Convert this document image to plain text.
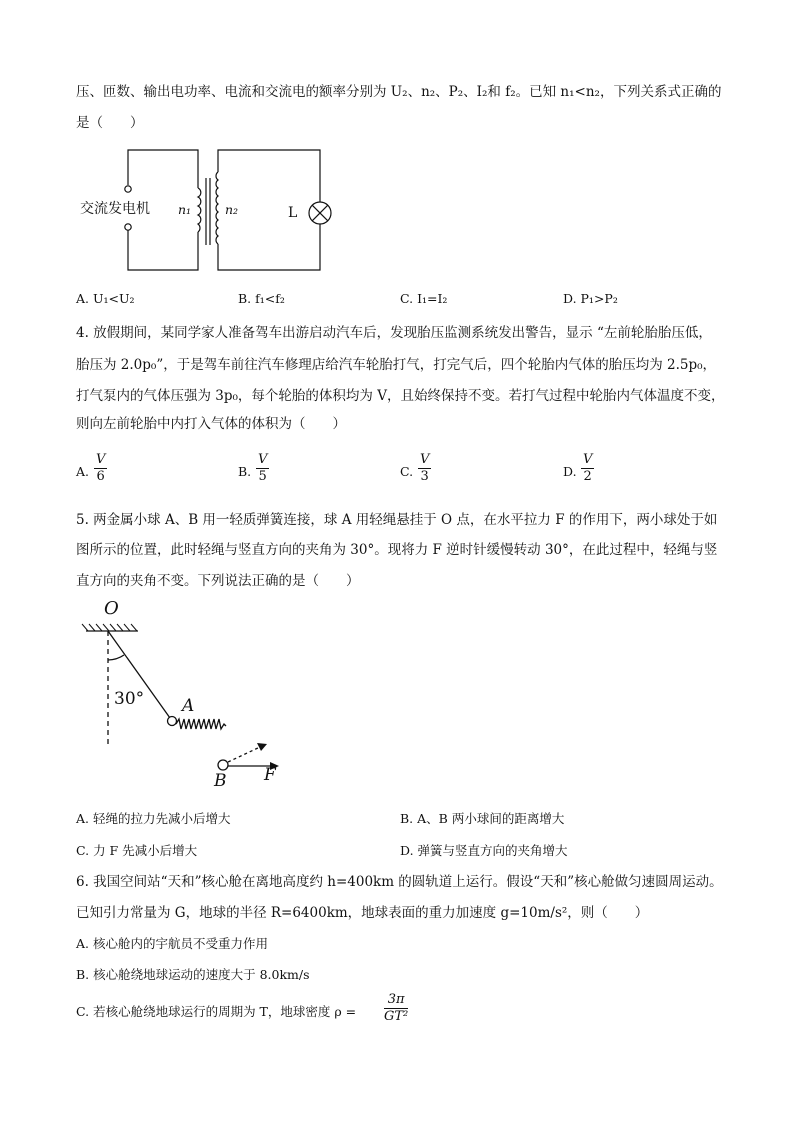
压、匝数、输出电功率、电流和交流电的额率分别为 U₂、n₂、P₂、I₂和 f₂。已知 n₁<n₂，下列关系式正确的
是（　　）
交流发电机 n₁	n₂	L
A. U₁<U₂	B. f₁<f₂	C. I₁=I₂	D. P₁>P₂
4. 放假期间，某同学家人准备驾车出游启动汽车后，发现胎压监测系统发出警告，显示 “左前轮胎胎压低，
胎压为 2.0p₀”，于是驾车前往汽车修理店给汽车轮胎打气，打完气后，四个轮胎内气体的胎压均为 2.5p₀，
打气泵内的气体压强为 3p₀，每个轮胎的体积均为 V，且始终保持不变。若打气过程中轮胎内气体温度不变，
则向左前轮胎中内打入气体的体积为（　　）
A. $\frac{V}{6}$	B. $\frac{V}{5}$	C. $\frac{V}{3}$	D. $\frac{V}{2}$
5. 两金属小球 A、B 用一轻质弹簧连接，球 A 用轻绳悬挂于 O 点，在水平拉力 F 的作用下，两小球处于如
图所示的位置，此时轻绳与竖直方向的夹角为 30°。现将力 F 逆时针缓慢转动 30°，在此过程中，轻绳与竖
直方向的夹角不变。下列说法正确的是（　　）
O
30° A
B F
A. 轻绳的拉力先减小后增大	B. A、B 两小球间的距离增大
C. 力 F 先减小后增大	D. 弹簧与竖直方向的夹角增大
6. 我国空间站“天和”核心舱在离地高度约 h=400km 的圆轨道上运行。假设“天和”核心舱做匀速圆周运动。
已知引力常量为 G，地球的半径 R=6400km，地球表面的重力加速度 g=10m/s²，则（　　）
A. 核心舱内的宇航员不受重力作用
B. 核心舱绕地球运动的速度大于 8.0km/s
C. 若核心舱绕地球运行的周期为 T，地球密度 $\rho = \frac{3\pi}{\text{GT²}}$
